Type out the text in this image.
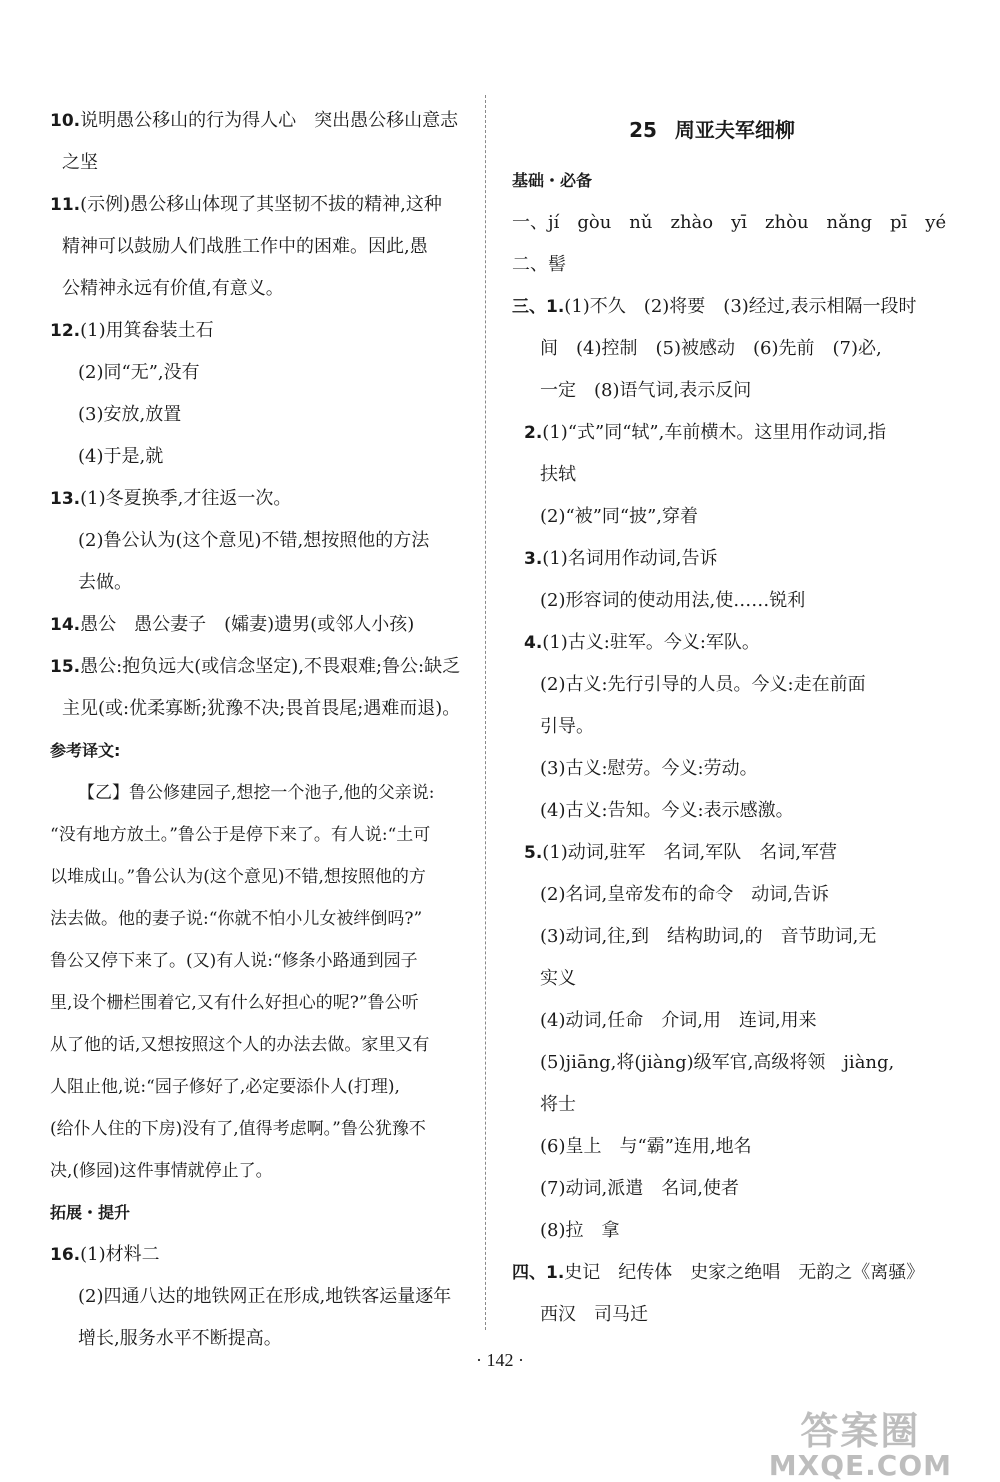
10.说明愚公移山的行为得人心　突出愚公移山意志
之坚
11.(示例)愚公移山体现了其坚韧不拔的精神,这种
精神可以鼓励人们战胜工作中的困难。因此,愚
公精神永远有价值,有意义。
12.(1)用箕畚装土石
(2)同“无”,没有
(3)安放,放置
(4)于是,就
13.(1)冬夏换季,才往返一次。
(2)鲁公认为(这个意见)不错,想按照他的方法
去做。
14.愚公　愚公妻子　(孀妻)遗男(或邻人小孩)
15.愚公:抱负远大(或信念坚定),不畏艰难;鲁公:缺乏
主见(或:优柔寡断;犹豫不决;畏首畏尾;遇难而退)。
参考译文:
【乙】鲁公修建园子,想挖一个池子,他的父亲说:
“没有地方放土。”鲁公于是停下来了。有人说:“土可
以堆成山。”鲁公认为(这个意见)不错,想按照他的方
法去做。他的妻子说:“你就不怕小儿女被绊倒吗?”
鲁公又停下来了。(又)有人说:“修条小路通到园子
里,设个栅栏围着它,又有什么好担心的呢?”鲁公听
从了他的话,又想按照这个人的办法去做。家里又有
人阻止他,说:“园子修好了,必定要添仆人(打理),
(给仆人住的下房)没有了,值得考虑啊。”鲁公犹豫不
决,(修园)这件事情就停止了。
拓展・提升
16.(1)材料二
(2)四通八达的地铁网正在形成,地铁客运量逐年
增长,服务水平不断提高。
25 周亚夫军细柳
基础・必备
一、jí　gòu　nǔ　zhào　yī　zhòu　nǎng　pī　yé
二、髻
三、1.(1)不久　(2)将要　(3)经过,表示相隔一段时
间　(4)控制　(5)被感动　(6)先前　(7)必,
一定　(8)语气词,表示反问
2.(1)“式”同“轼”,车前横木。这里用作动词,指
扶轼
(2)“被”同“披”,穿着
3.(1)名词用作动词,告诉
(2)形容词的使动用法,使……锐利
4.(1)古义:驻军。今义:军队。
(2)古义:先行引导的人员。今义:走在前面
引导。
(3)古义:慰劳。今义:劳动。
(4)古义:告知。今义:表示感激。
5.(1)动词,驻军　名词,军队　名词,军营
(2)名词,皇帝发布的命令　动词,告诉
(3)动词,往,到　结构助词,的　音节助词,无
实义
(4)动词,任命　介词,用　连词,用来
(5)jiāng,将(jiàng)级军官,高级将领　jiàng,
将士
(6)皇上　与“霸”连用,地名
(7)动词,派遣　名词,使者
(8)拉　拿
四、1.史记　纪传体　史家之绝唱　无韵之《离骚》
西汉　司马迁
· 142 ·
答案圈
MXQE.COM
